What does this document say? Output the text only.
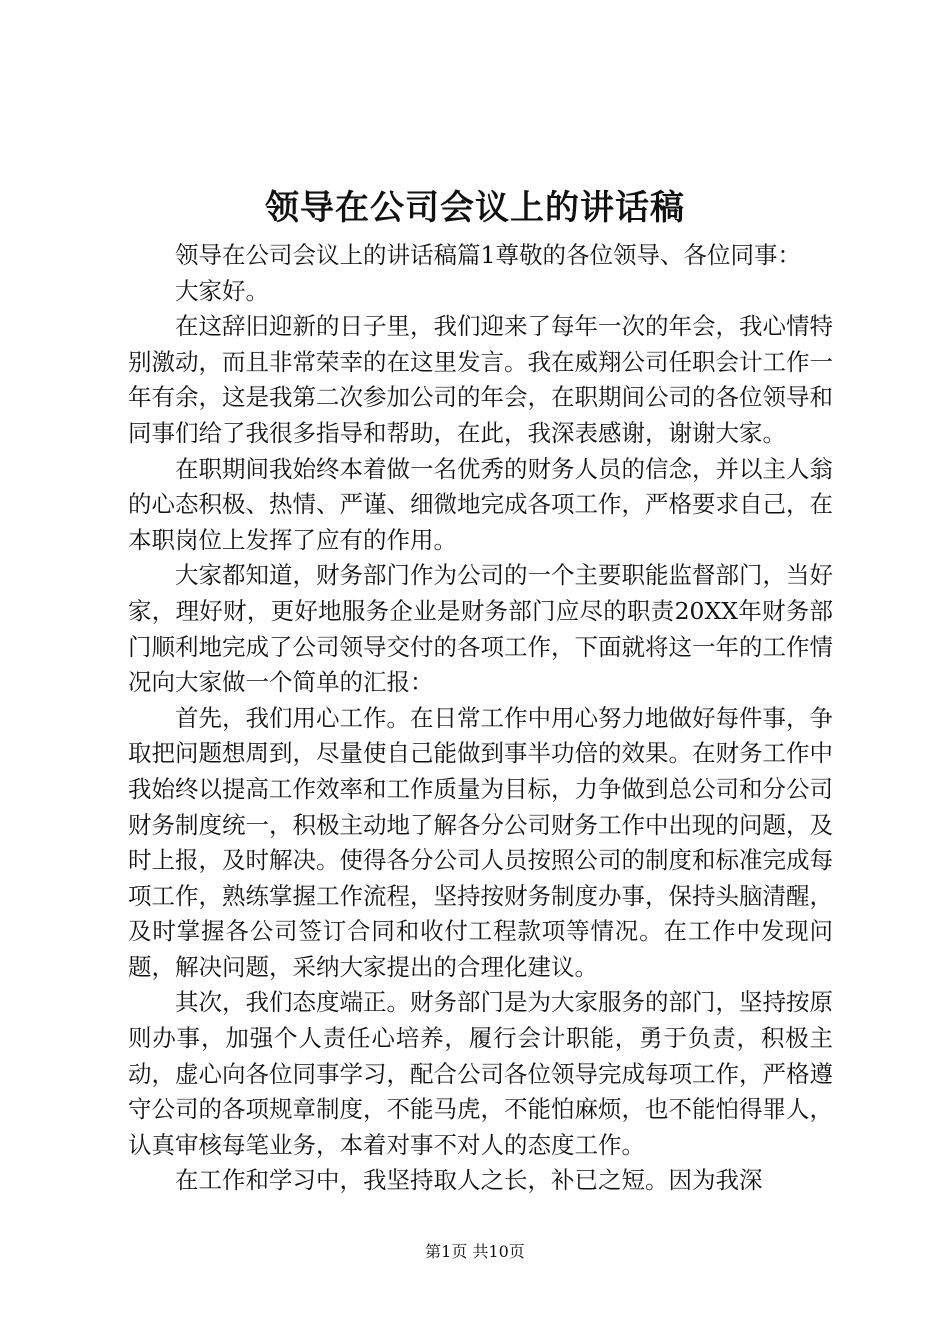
领导在公司会议上的讲话稿

领导在公司会议上的讲话稿篇1尊敬的各位领导、各位同事：

大家好。

在这辞旧迎新的日子里，我们迎来了每年一次的年会，我心情特别激动，而且非常荣幸的在这里发言。我在威翔公司任职会计工作一年有余，这是我第二次参加公司的年会，在职期间公司的各位领导和同事们给了我很多指导和帮助，在此，我深表感谢，谢谢大家。

在职期间我始终本着做一名优秀的财务人员的信念，并以主人翁的心态积极、热情、严谨、细微地完成各项工作，严格要求自己，在本职岗位上发挥了应有的作用。

大家都知道，财务部门作为公司的一个主要职能监督部门，当好家，理好财，更好地服务企业是财务部门应尽的职责20XX年财务部门顺利地完成了公司领导交付的各项工作，下面就将这一年的工作情况向大家做一个简单的汇报：

首先，我们用心工作。在日常工作中用心努力地做好每件事，争取把问题想周到，尽量使自己能做到事半功倍的效果。在财务工作中我始终以提高工作效率和工作质量为目标，力争做到总公司和分公司财务制度统一，积极主动地了解各分公司财务工作中出现的问题，及时上报，及时解决。使得各分公司人员按照公司的制度和标准完成每项工作，熟练掌握工作流程，坚持按财务制度办事，保持头脑清醒，及时掌握各公司签订合同和收付工程款项等情况。在工作中发现问题，解决问题，采纳大家提出的合理化建议。

其次，我们态度端正。财务部门是为大家服务的部门，坚持按原则办事，加强个人责任心培养，履行会计职能，勇于负责，积极主动，虚心向各位同事学习，配合公司各位领导完成每项工作，严格遵守公司的各项规章制度，不能马虎，不能怕麻烦，也不能怕得罪人，认真审核每笔业务，本着对事不对人的态度工作。

在工作和学习中，我坚持取人之长，补已之短。因为我深

第1页 共10页
